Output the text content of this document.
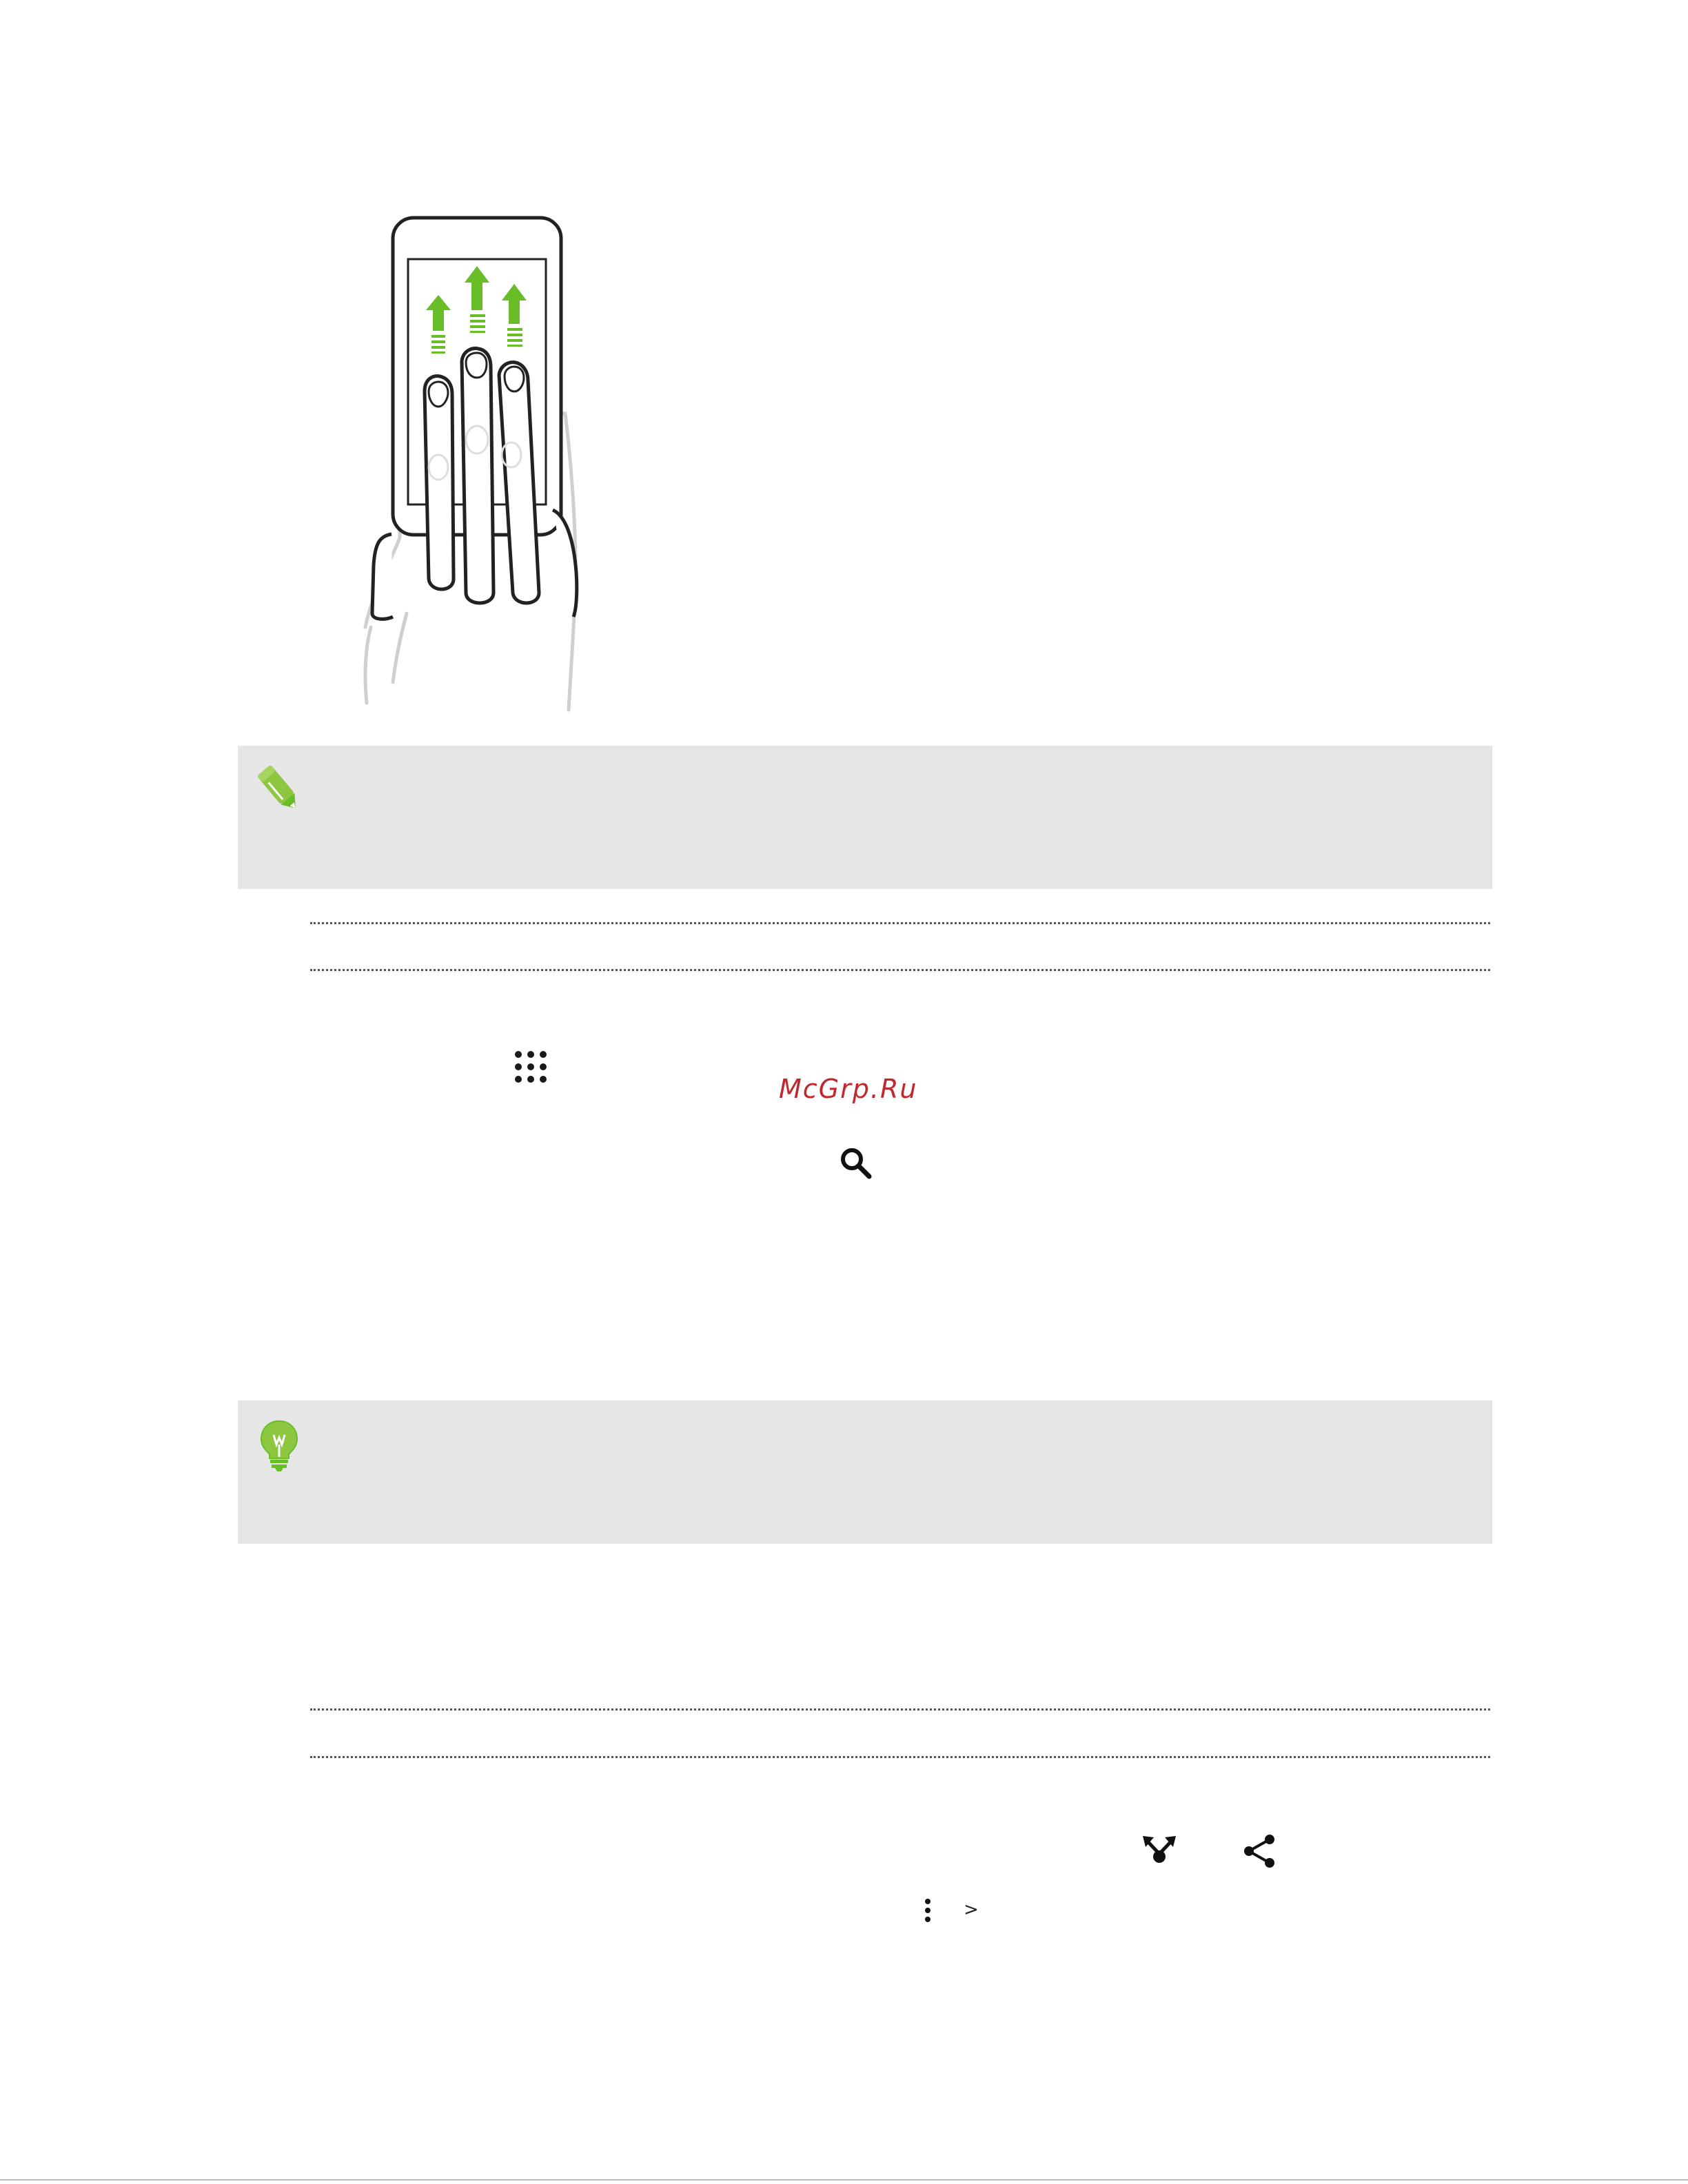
McGrp.Ru
>
